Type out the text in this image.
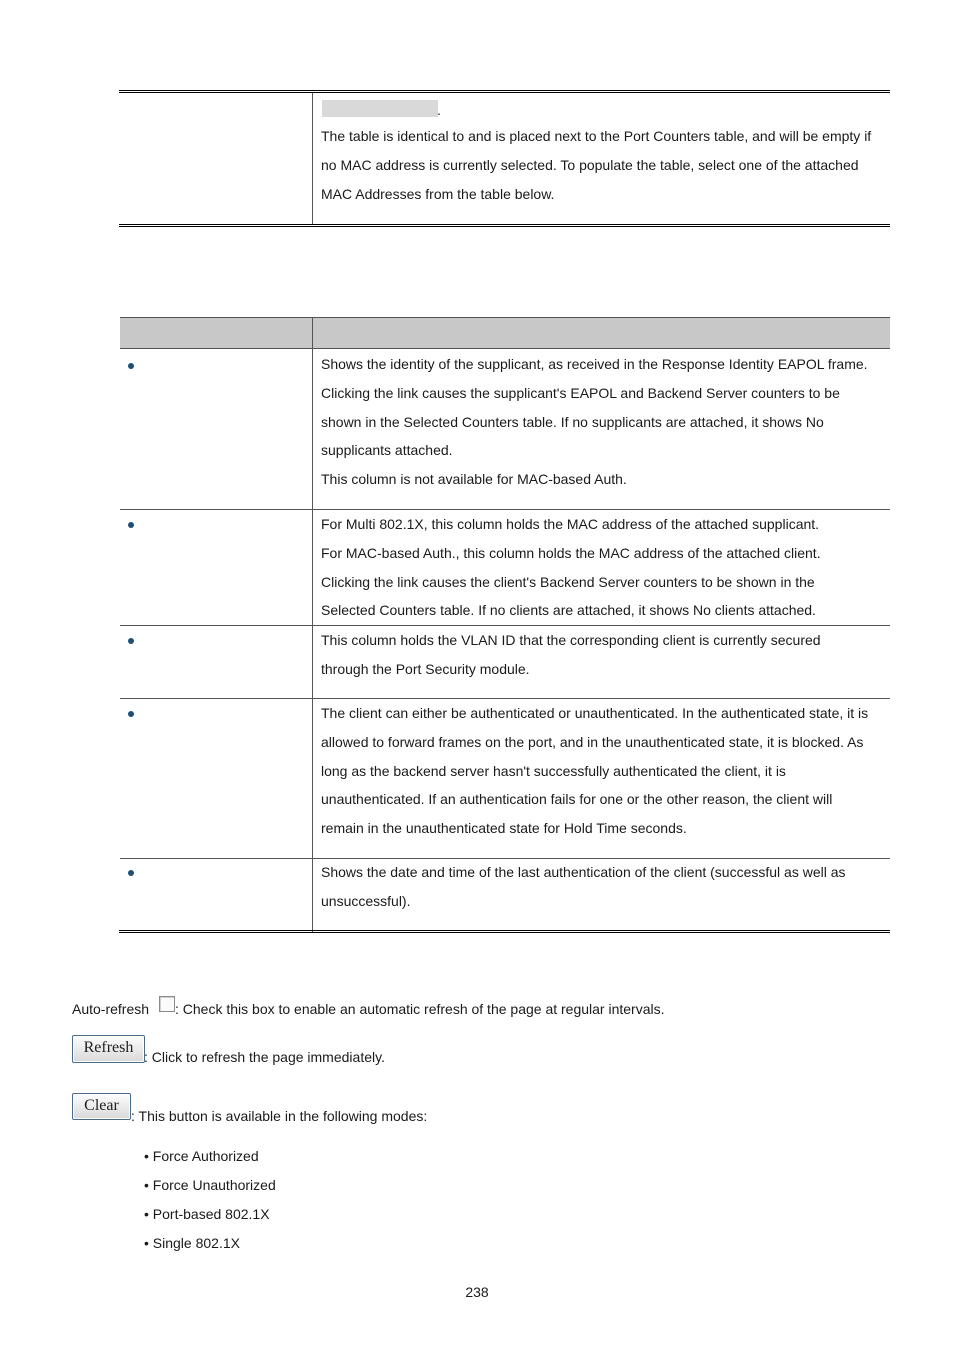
.
The table is identical to and is placed next to the Port Counters table, and will be empty if
no MAC address is currently selected. To populate the table, select one of the attached
MAC Addresses from the table below.
Shows the identity of the supplicant, as received in the Response Identity EAPOL frame.
Clicking the link causes the supplicant's EAPOL and Backend Server counters to be
shown in the Selected Counters table. If no supplicants are attached, it shows No
supplicants attached.
This column is not available for MAC-based Auth.
For Multi 802.1X, this column holds the MAC address of the attached supplicant.
For MAC-based Auth., this column holds the MAC address of the attached client.
Clicking the link causes the client's Backend Server counters to be shown in the
Selected Counters table. If no clients are attached, it shows No clients attached.
This column holds the VLAN ID that the corresponding client is currently secured
through the Port Security module.
The client can either be authenticated or unauthenticated. In the authenticated state, it is
allowed to forward frames on the port, and in the unauthenticated state, it is blocked. As
long as the backend server hasn't successfully authenticated the client, it is
unauthenticated. If an authentication fails for one or the other reason, the client will
remain in the unauthenticated state for Hold Time seconds.
Shows the date and time of the last authentication of the client (successful as well as
unsuccessful).
Auto-refresh : Check this box to enable an automatic refresh of the page at regular intervals.
Refresh
: Click to refresh the page immediately.
Clear
: This button is available in the following modes:
• Force Authorized
• Force Unauthorized
• Port-based 802.1X
• Single 802.1X
238
